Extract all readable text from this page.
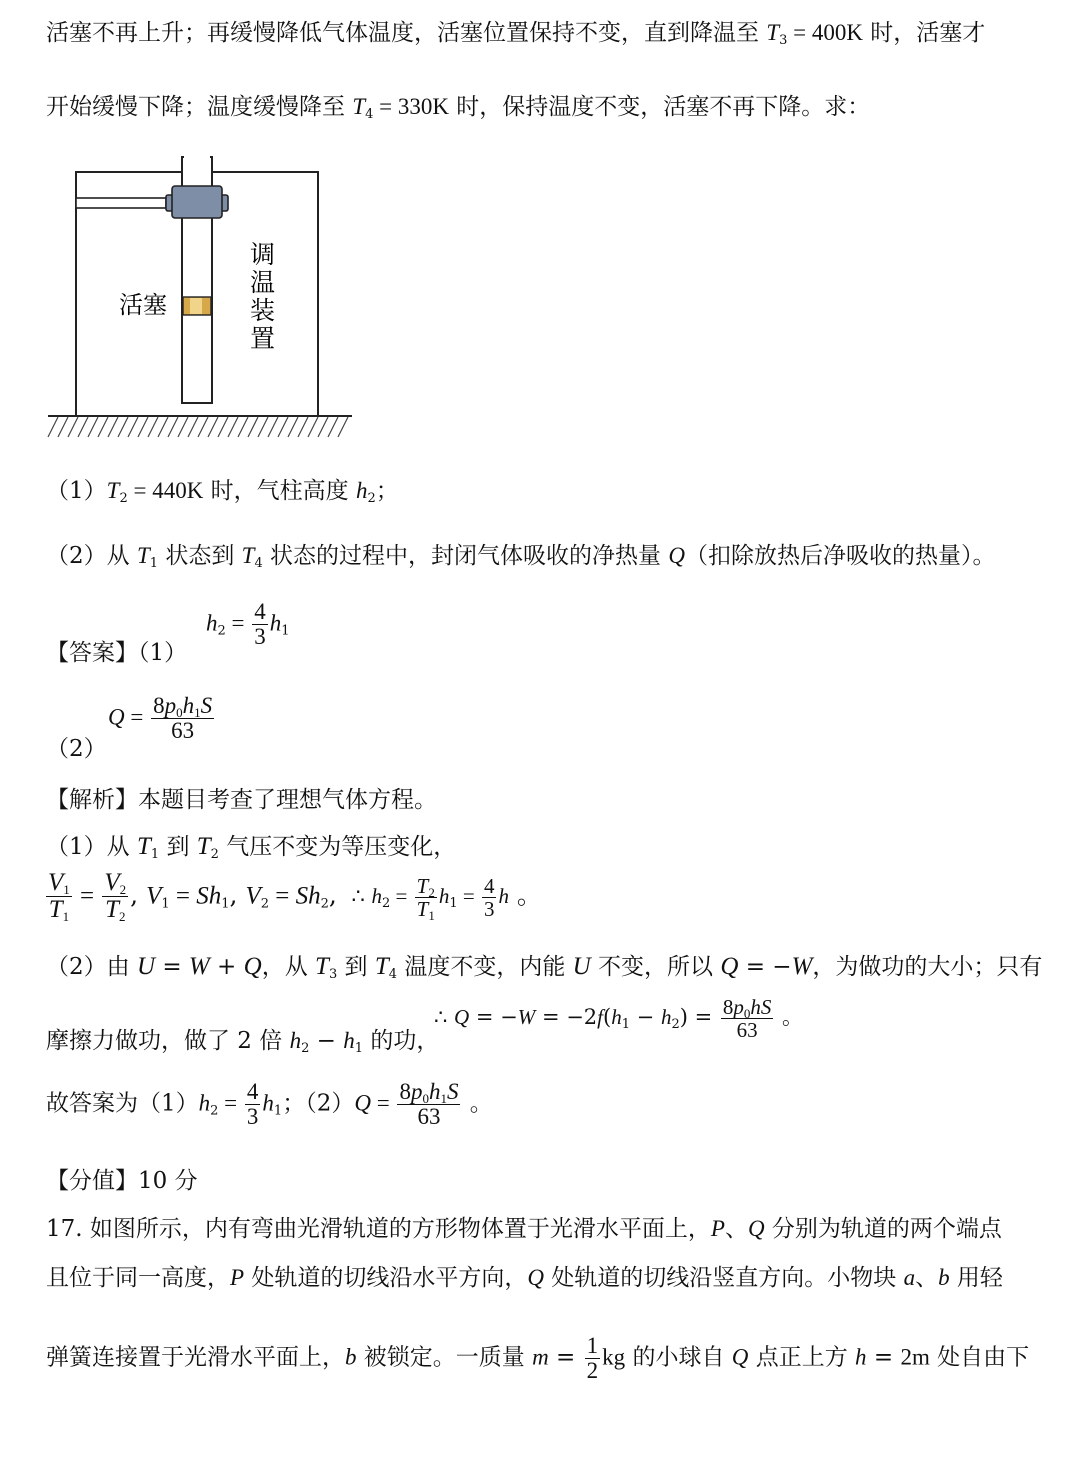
活塞不再上升；再缓慢降低气体温度，活塞位置保持不变，直到降温至 $T_3 = 400K$ 时，活塞才
开始缓慢下降；温度缓慢降至 $T_4 = 330K$ 时，保持温度不变，活塞不再下降。求：
活塞
调
温
装
置
$(1)T_2 = 440K$ 时，气柱高度 $h_2$；
（2）从 $T_1$ 状态到 $T_4$ 状态的过程中，封闭气体吸收的净热量 Q（扣除放热后净吸收的热量）。
【答案】（1）
$h_2 = \frac{4}{3} h_1$
（2）
$Q = \frac{8p_0h_1S}{63}$
【解析】本题目考查了理想气体方程。
（1）从 $T_1$ 到 $T_2$ 气压不变为等压变化，
$\frac{V_1}{T_1} = \frac{V_2}{T_2}$ , $V_1 = Sh_1$, $V_2 = Sh_2$,  ∴ $h_2 = \frac{T_2}{T_1} h_1 = \frac{4}{3}$ h 。
（2）由 U = W + Q，从 $T_3$ 到 $T_4$ 温度不变，内能 U 不变，所以 Q = −W，为做功的大小；只有
摩擦力做功，做了 2 倍 $h_2 - h_1$ 的功，
∴ $Q = -W = -2f(h_1 - h_2) = \frac{8p_0hS}{63}$ 。
故答案为$(1)h_2 = \frac{4}{3} h_1$；$(2)Q = \frac{8p_0h_1S}{63}$ 。
【分值】10 分
17. 如图所示，内有弯曲光滑轨道的方形物体置于光滑水平面上，P、Q 分别为轨道的两个端点
且位于同一高度，P 处轨道的切线沿水平方向，Q 处轨道的切线沿竖直方向。小物块 a、b 用轻
弹簧连接置于光滑水平面上，b 被锁定。一质量 $m = \frac{1}{2}$ kg 的小球自 Q 点正上方 h = 2m 处自由下
